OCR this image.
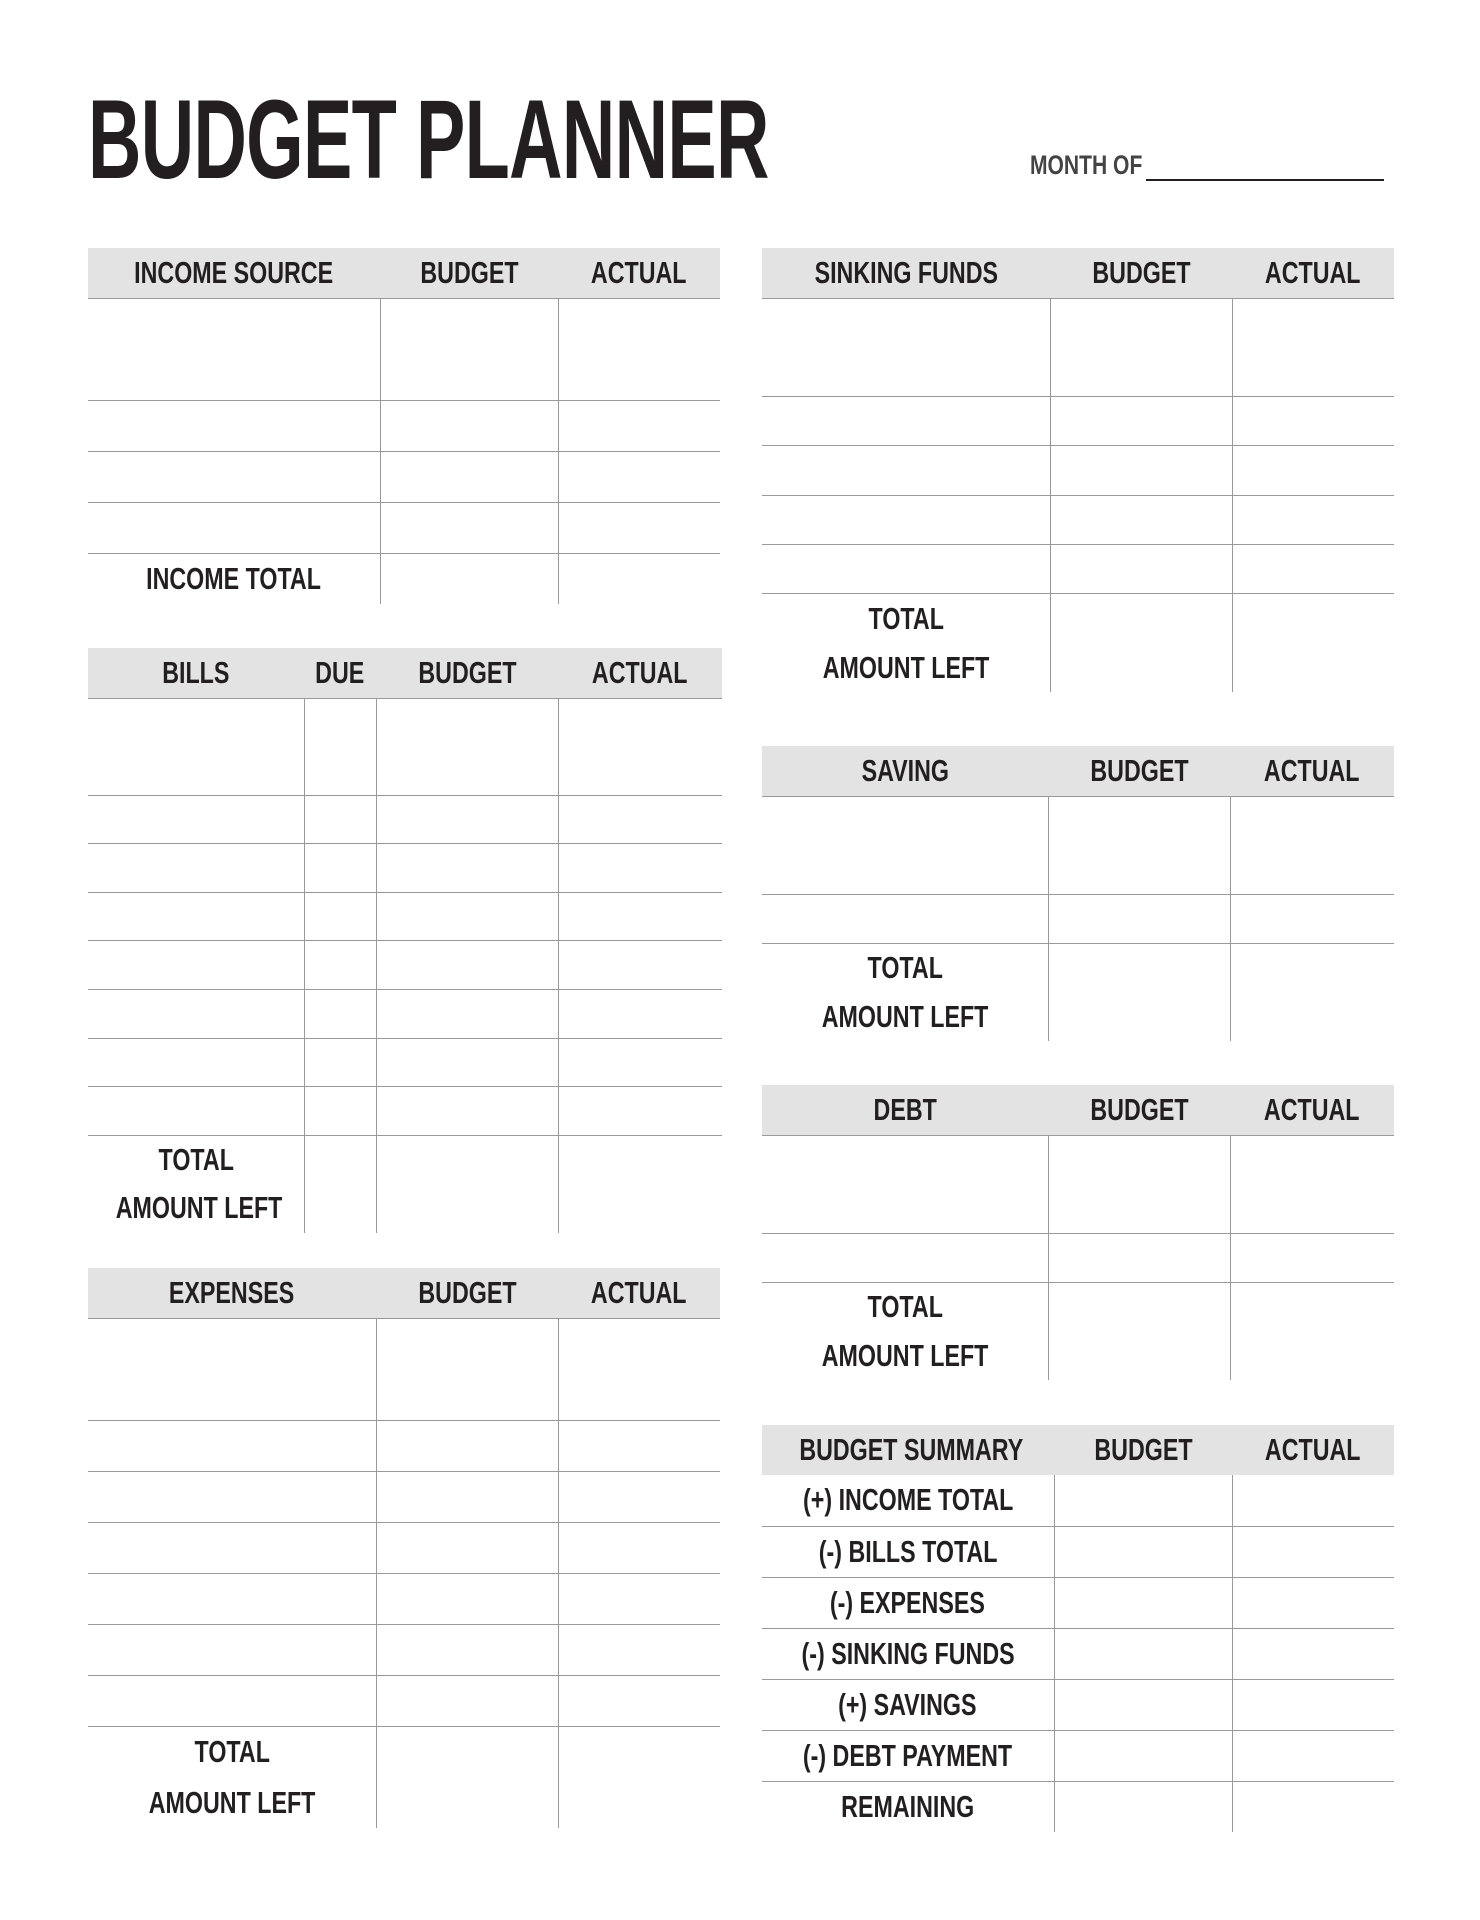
BUDGET PLANNER	MONTH OF
INCOME SOURCE	BUDGET	ACTUAL

INCOME TOTAL		
BILLS	DUE	BUDGET	ACTUAL

TOTAL			
AMOUNT LEFT			
EXPENSES	BUDGET	ACTUAL

TOTAL		
AMOUNT LEFT		
SINKING FUNDS	BUDGET	ACTUAL

TOTAL		
AMOUNT LEFT		
SAVING	BUDGET	ACTUAL

TOTAL		
AMOUNT LEFT		
DEBT	BUDGET	ACTUAL

TOTAL		
AMOUNT LEFT		
BUDGET SUMMARY	BUDGET	ACTUAL
(+) INCOME TOTAL		
(-) BILLS TOTAL		
(-) EXPENSES		
(-) SINKING FUNDS		
(+) SAVINGS		
(-) DEBT PAYMENT		
REMAINING		
